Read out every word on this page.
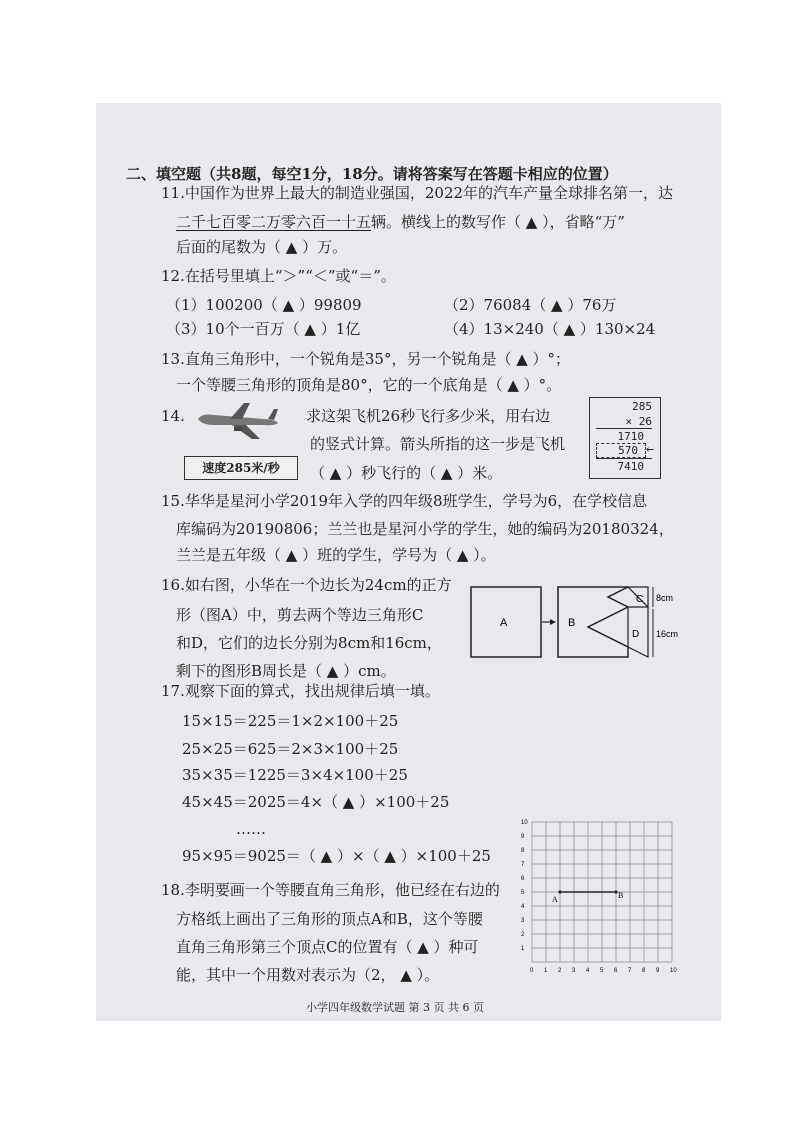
二、填空题（共8题，每空1分，18分。请将答案写在答题卡相应的位置）
11.中国作为世界上最大的制造业强国，2022年的汽车产量全球排名第一，达
二千七百零二万零六百一十五辆。横线上的数写作（ ▲ ），省略“万”
后面的尾数为（ ▲ ）万。
12.在括号里填上“＞”“＜”或“＝”。
（1）100200（ ▲ ）99809	（2）76084（ ▲ ）76万
（3）10个一百万（ ▲ ）1亿	（4）13×240（ ▲ ）130×24
13.直角三角形中，一个锐角是35°，另一个锐角是（ ▲ ）°；
一个等腰三角形的顶角是80°，它的一个底角是（ ▲ ）°。
14.
速度285米/秒
求这架飞机26秒飞行多少米，用右边
的竖式计算。箭头所指的这一步是飞机
（ ▲ ）秒飞行的（ ▲ ）米。
285
× 26
1710
570
7410
←
15.华华是星河小学2019年入学的四年级8班学生，学号为6，在学校信息
库编码为20190806；兰兰也是星河小学的学生，她的编码为20180324，
兰兰是五年级（ ▲ ）班的学生，学号为（ ▲ ）。
16.如右图，小华在一个边长为24cm的正方
形（图A）中，剪去两个等边三角形C
和D，它们的边长分别为8cm和16cm，
剩下的图形B周长是（ ▲ ）cm。
A	B
C
D
8cm
16cm
17.观察下面的算式，找出规律后填一填。
15×15＝225＝1×2×100＋25
25×25＝625＝2×3×100＋25
35×35＝1225＝3×4×100＋25
45×45＝2025＝4×（ ▲ ）×100＋25
……
95×95＝9025＝（ ▲ ）×（ ▲ ）×100＋25
18.李明要画一个等腰直角三角形，他已经在右边的
方格纸上画出了三角形的顶点A和B，这个等腰
直角三角形第三个顶点C的位置有（ ▲ ）种可
能，其中一个用数对表示为（2， ▲ ）。	0 1 2 3 4 5 6 7 8 9 10
1
2
3
4
5
6
7
8
9
10
A	B
小学四年级数学试题 第 3 页 共 6 页
